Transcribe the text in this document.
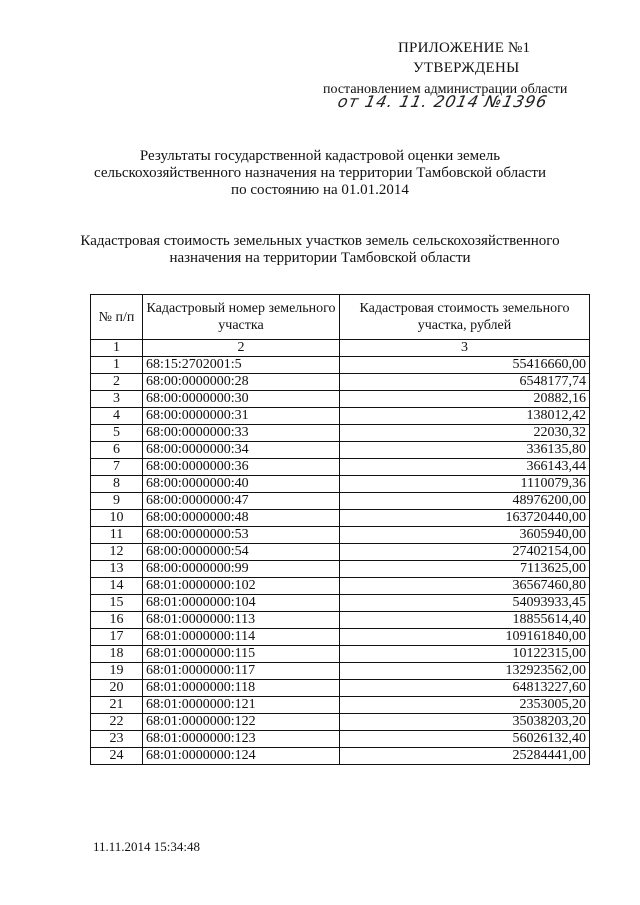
ПРИЛОЖЕНИЕ №1
УТВЕРЖДЕНЫ
постановлением администрации области
от 14. 11. 2014 №1396
Результаты государственной кадастровой оценки земель
сельскохозяйственного назначения на территории Тамбовской области
по состоянию на 01.01.2014
Кадастровая стоимость земельных участков земель сельскохозяйственного
назначения на территории Тамбовской области
№ п/п	Кадастровый номер земельного участка	Кадастровая стоимость земельного участка, рублей
1	2	3
1	68:15:2702001:5	55416660,00
2	68:00:0000000:28	6548177,74
3	68:00:0000000:30	20882,16
4	68:00:0000000:31	138012,42
5	68:00:0000000:33	22030,32
6	68:00:0000000:34	336135,80
7	68:00:0000000:36	366143,44
8	68:00:0000000:40	1110079,36
9	68:00:0000000:47	48976200,00
10	68:00:0000000:48	163720440,00
11	68:00:0000000:53	3605940,00
12	68:00:0000000:54	27402154,00
13	68:00:0000000:99	7113625,00
14	68:01:0000000:102	36567460,80
15	68:01:0000000:104	54093933,45
16	68:01:0000000:113	18855614,40
17	68:01:0000000:114	109161840,00
18	68:01:0000000:115	10122315,00
19	68:01:0000000:117	132923562,00
20	68:01:0000000:118	64813227,60
21	68:01:0000000:121	2353005,20
22	68:01:0000000:122	35038203,20
23	68:01:0000000:123	56026132,40
24	68:01:0000000:124	25284441,00
11.11.2014 15:34:48
